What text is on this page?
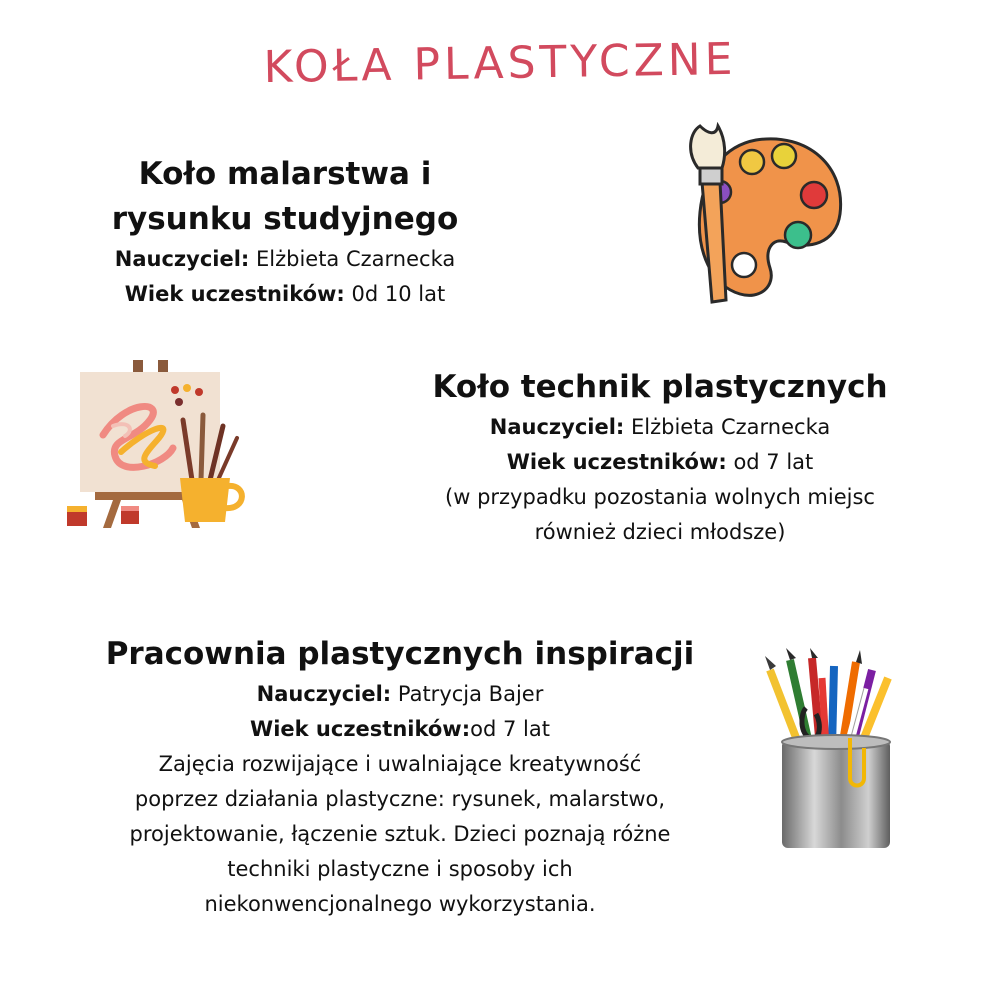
KOŁA PLASTYCZNE
Koło malarstwa i
rysunku studyjnego
Nauczyciel: Elżbieta Czarnecka
Wiek uczestników: 0d 10 lat
Koło technik plastycznych
Nauczyciel: Elżbieta Czarnecka
Wiek uczestników: od 7 lat
(w przypadku pozostania wolnych miejsc
również dzieci młodsze)
Pracownia plastycznych inspiracji
Nauczyciel: Patrycja Bajer
Wiek uczestników:od 7 lat
Zajęcia rozwijające i uwalniające kreatywność
poprzez działania plastyczne: rysunek, malarstwo,
projektowanie, łączenie sztuk. Dzieci poznają różne
techniki plastyczne i sposoby ich
niekonwencjonalnego wykorzystania.
